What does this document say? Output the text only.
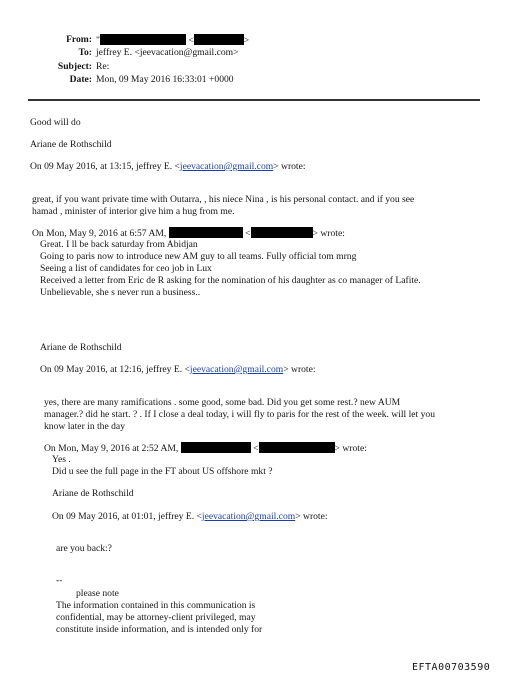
From: "	<	>
To: jeffrey E. <jeevacation@gmail.com>
Subject: Re:
Date: Mon, 09 May 2016 16:33:01 +0000
Good will do
Ariane de Rothschild
On 09 May 2016, at 13:15, jeffrey E. <jeevacation@gmail.com> wrote:
great, if you want private time with Outarra, , his niece Nina , is his personal contact. and if you see
hamad , minister of interior give him a hug from me.
On Mon, May 9, 2016 at 6:57 AM,	<	> wrote:
Great. I ll be back saturday from Abidjan
Going to paris now to introduce new AM guy to all teams. Fully official tom mrng
Seeing a list of candidates for ceo job in Lux
Received a letter from Eric de R asking for the nomination of his daughter as co manager of Lafite.
Unbelievable, she s never run a business..
Ariane de Rothschild
On 09 May 2016, at 12:16, jeffrey E. <jeevacation@gmail.com> wrote:
yes, there are many ramifications . some good, some bad. Did you get some rest.? new AUM
manager.? did he start. ? . If I close a deal today, i will fly to paris for the rest of the week. will let you
know later in the day
On Mon, May 9, 2016 at 2:52 AM,	<	> wrote:
Yes .
Did u see the full page in the FT about US offshore mkt ?
Ariane de Rothschild
On 09 May 2016, at 01:01, jeffrey E. <jeevacation@gmail.com> wrote:
are you back:?
--
please note
The information contained in this communication is
confidential, may be attorney-client privileged, may
constitute inside information, and is intended only for
EFTA00703590
